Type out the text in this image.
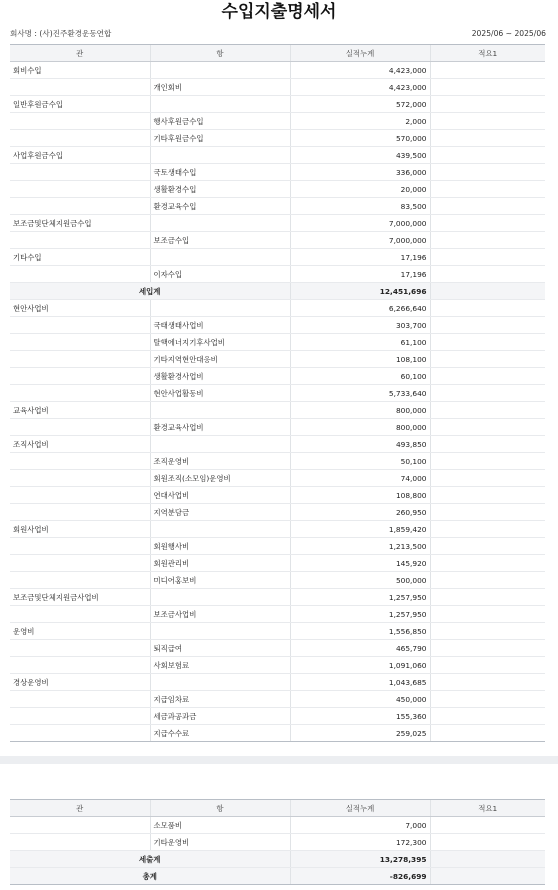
수입지출명세서
회사명 : (사)진주환경운동연합	2025/06 ~ 2025/06
관	항	실적누계	적요1
회비수입		4,423,000	
	개인회비	4,423,000	
일반후원금수입		572,000	
	행사후원금수입	2,000	
	기타후원금수입	570,000	
사업후원금수입		439,500	
	국토생태수입	336,000	
	생활환경수입	20,000	
	환경교육수입	83,500	
보조금및단체지원금수입		7,000,000	
	보조금수입	7,000,000	
기타수입		17,196	
	이자수입	17,196	
세입계		12,451,696	
현안사업비		6,266,640	
	국태생태사업비	303,700	
	탈핵에너지기후사업비	61,100	
	기타지역현안대응비	108,100	
	생활환경사업비	60,100	
	현안사업활동비	5,733,640	
교육사업비		800,000	
	환경교육사업비	800,000	
조직사업비		493,850	
	조직운영비	50,100	
	회원조직(소모임)운영비	74,000	
	연대사업비	108,800	
	지역분담금	260,950	
회원사업비		1,859,420	
	회원행사비	1,213,500	
	회원관리비	145,920	
	미디어홍보비	500,000	
보조금및단체지원금사업비		1,257,950	
	보조금사업비	1,257,950	
운영비		1,556,850	
	퇴직급여	465,790	
	사회보험료	1,091,060	
경상운영비		1,043,685	
	지급임차료	450,000	
	세금과공과금	155,360	
	지급수수료	259,025	
관	항	실적누계	적요1
	소모품비	7,000	
	기타운영비	172,300	
세출계		13,278,395	
총계		-826,699	
